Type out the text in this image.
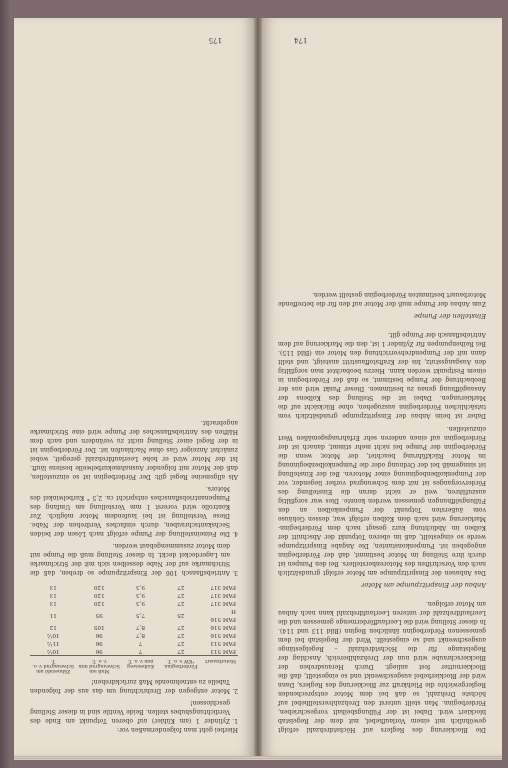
Die Blockierung des Reglers auf Höchstdrehzahl erfolgt gewöhnlich mit einem Vorlaufhebel, mit dem der Regelstab blockiert wird. Dabei ist der Füllungsbeihalt vorgeschrieben, Förderbeginn. Man stellt unterst den Drehzahlverstellhebel auf höchste Drehzahl, so daß bei dem Motor entsprechenden Reglergewichte die Fliehkraft zur Blockierung des Reglers, Dann wird der Blockierhebel ausgeschwenkt und so eingestellt, daß die Blockiernutter fest anliegt. Durch Herausdrehen der Blockierschraube wird nun der Drehzahlbereich, Anschlag der Regelstange für die Höchstdrehzahl – Regelgestänge ausgeschwenkt und so eingestellt. Wird der Regelstab bei dem gemessenen Förderbeginn ähnlichen Beginn (Bild 113 und 114). In dieser Stellung wird die Leerlauffördermenge gemessen und die Leerlaufdrehzahl der unteren Leerlaufdrehzahl kann nach Anbau am Motor erfolgen.

Anbau der Einspritzpumpe am Motor

Das Anbauen der Einspritzpumpe am Motor erfolgt grundsätzlich nach den Vorschriften des Motorenherstellers. Bei den Pumpen ist durch ihre Stellung im Motor bestimmt, daß der Förderbeginn angegeben ist. Pumpenkonstanten, Die Angabe Einspritzpumpe werde so eingestellt, daß im oberen Totpunkt der Abschnitt der Kolben im Abdichtung kurz gesagt nach dem Förderbeginn-Markierung wird nach dem Kolben erfolgt war, dessen Gehäuse vom äußersten Totpunkt der Pumpenkolben an den Füllungsöffnungen gemessen werden konnte. Dies war sorgfältig auszuführen, weil er nicht daran die Einstellung des Fördervorganges ist mit dem Schwungrad vorher liegender, vor der Pumpenkolbenbeginnung einer Motoren. Bei der Einstellung ist sinngemäß bei der Ordnung oder die Pumpenkolbenbeginnung im Motor Rückführung beachtet, der Motor, wenn die Förderbeginn der Pumpe bei nicht mehr stimmt, danach ist der Förderbeginn auf einen anderen sehr Erfahrungsgemäßen Wert einzustellen.

Daher ist beim Anbau der Einspritzpumpe grundsätzlich vom tatsächlichen Förderbeginn auszugehen, ohne Rücksicht auf die Markierungen. Dabei ist die Stellung des Kolbens der Ansaugöffnung genau zu bestimmen. Dieser Punkt wird aus der Beobachtung der Pumpe bestimmt, so daß der Förderbeginn in einem Festpunkt werden kann. Hierzu beobachtet man sorgfältig den Ausgangsstutz, bis der Kraftstoffaustritt ansteigt, und stellt dann mit der Pumpendrehvorrichtung den Motor ein (Bild 115). Bei Reihenpumpen für Zylinder 1 ist, den die Markierung auf dem Antriebsflansch der Pumpe gilt.

Einstellen der Pumpe

Zum Anbau der Pumpe muß der Motor auf den für die betreffende Motorbauart bestimmten Förderbeginn gestellt werden.

174

Hierbei geht man folgendermaßen vor:

1.Zylinder 1 (am Kühler) auf oberen Totpunkt am Ende des Verdichtungshubes stellen. Beide Ventile sind in dieser Stellung geschlossen!
2.Motor entgegen der Drehrichtung um das aus der folgenden Tabelle zu entnehmende Maß zurückdrehen!
Motorbauart	Förderbeginn °KW v. o. T.	Kolbenweg mm v. o. T.	Maß am Schwungrad mm v. o. T.	Zähnezahl am Schwungrad v. o. T.
FAM 513	27	7	96	10½
FAM 513	27	7	96	11½
FAM 516	27	8,7	96	10½
FAM 516	27	8,7	105	12
FAM 516 H	25	7,5	95	11
FAM 317	27	9,3	120	13
FAM 317	27	9,3	120	13
FAM 317	27	9,3	120	13
3.Antriebsflansch 106 der Einspritzpumpe so drehen, daß die Strichmarke auf der Nabe desselben sich mit der Strichmarke am Lagerdeckel deckt. In dieser Stellung muß die Pumpe mit dem Motor zusammengebaut werden.
4.Die Feineinstellung der Pumpe erfolgt nach Lösen der beiden Sechskantschrauben, durch einfaches Verdrehen der Nabe. Diese Verstellung ist bei laufendem Motor möglich. Zur Kontrolle wird vorerst 1 mm Verstellung am Umfang des Pumpenantriebsflansches entspricht ca. 2,5 ° Kurbelwinkel des Motors.

Als allgemeine Regel gilt: Der Förderbeginn ist so einzustellen, daß der Motor mit folgender Ausnahmekurbelwelle bestens läuft. Ist der Motor wird er hohe Leerlaufdrehzahl geregelt, wobei zunächst Anzeiger Gas ohne Nachlaufen ist. Der Förderbeginn ist in der Regel einer Stellung nicht zu verändern und nach dem Hälften des Antriebsflansches der Pumpe wird eine Strichmarke angebracht.

175
